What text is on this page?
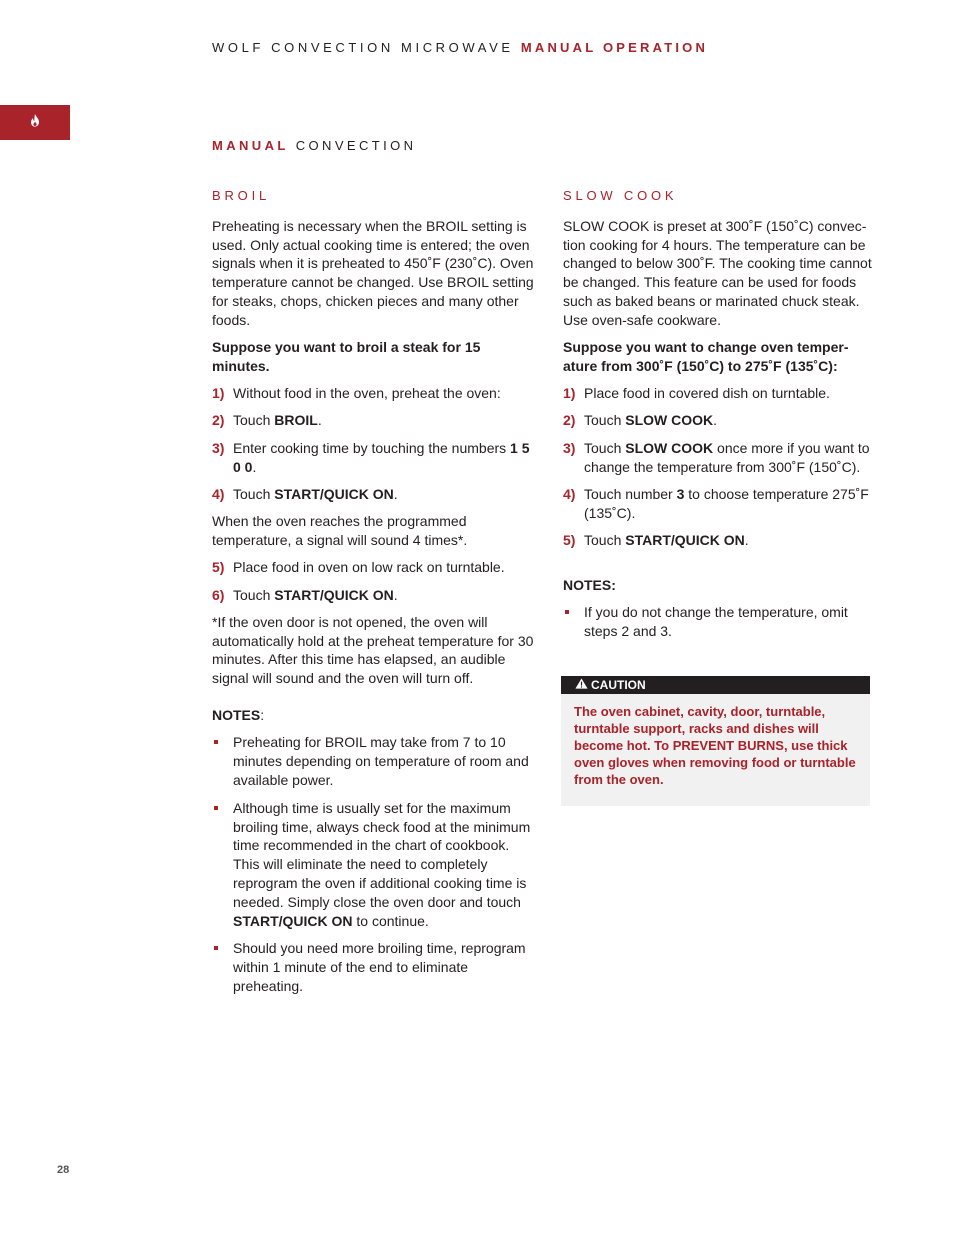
WOLF CONVECTION MICROWAVE MANUAL OPERATION
MANUAL CONVECTION
BROIL

Preheating is necessary when the BROIL setting is used. Only actual cooking time is entered; the oven signals when it is preheated to 450˚F (230˚C). Oven temperature cannot be changed. Use BROIL setting for steaks, chops, chicken pieces and many other foods.

Suppose you want to broil a steak for 15 minutes.

1) Without food in the oven, preheat the oven:
2) Touch BROIL.
3) Enter cooking time by touching the numbers 1 5 0 0.
4) Touch START/QUICK ON.

When the oven reaches the programmed temperature, a signal will sound 4 times*.

5) Place food in oven on low rack on turntable.
6) Touch START/QUICK ON.

*If the oven door is not opened, the oven will automatically hold at the preheat temperature for 30 minutes. After this time has elapsed, an audible signal will sound and the oven will turn off.

NOTES:
Preheating for BROIL may take from 7 to 10 minutes depending on temperature of room and available power.
Although time is usually set for the maximum broiling time, always check food at the minimum time recommended in the chart of cookbook. This will eliminate the need to completely reprogram the oven if additional cooking time is needed. Simply close the oven door and touch START/QUICK ON to continue.
Should you need more broiling time, reprogram within 1 minute of the end to eliminate preheating.
SLOW COOK

SLOW COOK is preset at 300˚F (150˚C) convec-tion cooking for 4 hours. The temperature can be changed to below 300˚F. The cooking time cannot be changed. This feature can be used for foods such as baked beans or marinated chuck steak. Use oven-safe cookware.

Suppose you want to change oven temper-ature from 300˚F (150˚C) to 275˚F (135˚C):

1) Place food in covered dish on turntable.
2) Touch SLOW COOK.
3) Touch SLOW COOK once more if you want to change the temperature from 300˚F (150˚C).
4) Touch number 3 to choose temperature 275˚F (135˚C).
5) Touch START/QUICK ON.
NOTES:
If you do not change the temperature, omit steps 2 and 3.
CAUTION
The oven cabinet, cavity, door, turntable, turntable support, racks and dishes will become hot. To PREVENT BURNS, use thick oven gloves when removing food or turntable from the oven.
28
